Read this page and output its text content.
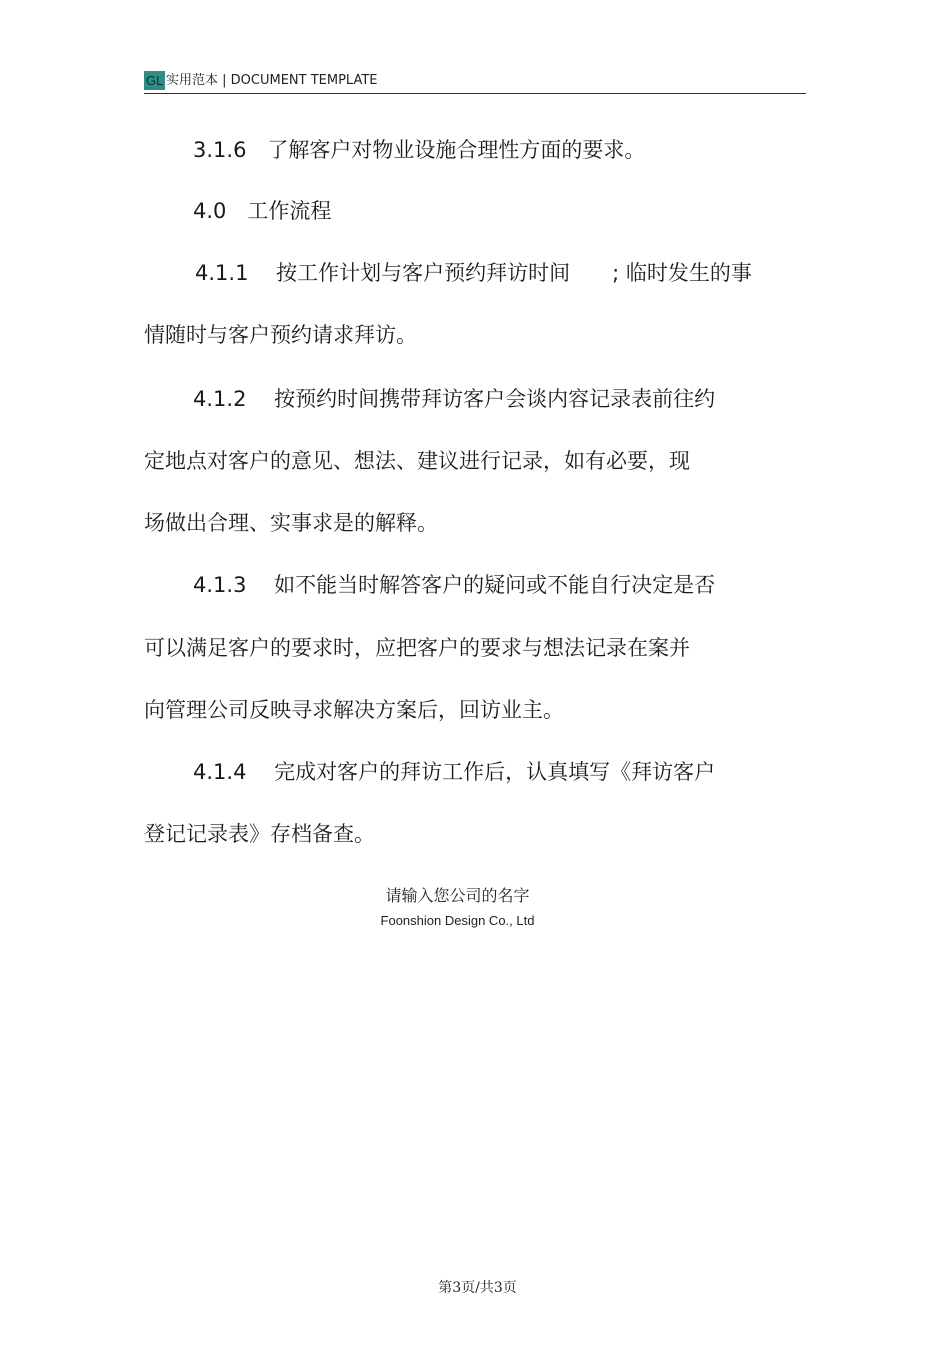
GL 实用范本 | DOCUMENT TEMPLATE

3.1.6　了解客户对物业设施合理性方面的要求。

4.0　工作流程

4.1.1　 按工作计划与客户预约拜访时间　　; 临时发生的事

情随时与客户预约请求拜访。

4.1.2　 按预约时间携带拜访客户会谈内容记录表前往约

定地点对客户的意见、想法、建议进行记录，如有必要，现

场做出合理、实事求是的解释。

4.1.3　 如不能当时解答客户的疑问或不能自行决定是否

可以满足客户的要求时，应把客户的要求与想法记录在案并

向管理公司反映寻求解决方案后，回访业主。

4.1.4　 完成对客户的拜访工作后，认真填写《拜访客户

登记记录表》存档备查。

请输入您公司的名字
Foonshion Design Co., Ltd
第3页/共3页
